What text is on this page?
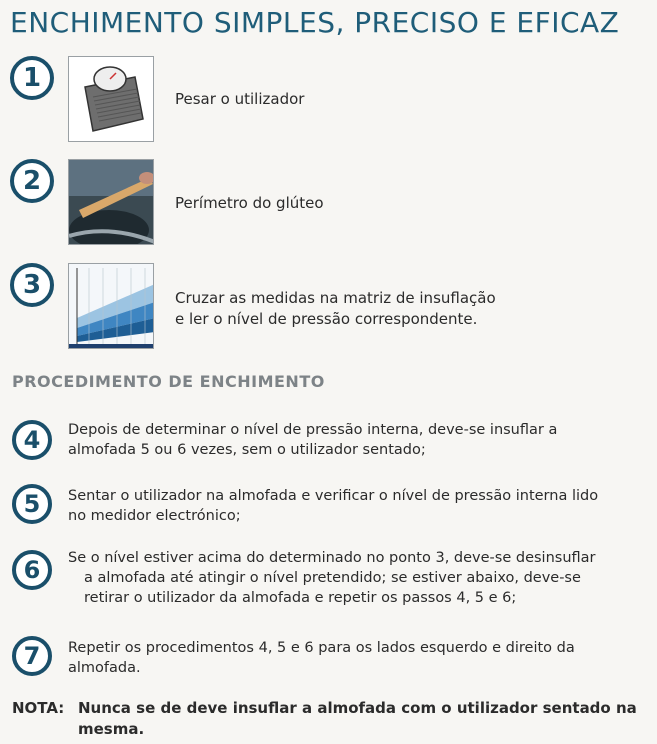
ENCHIMENTO SIMPLES, PRECISO E EFICAZ
1
Pesar o utilizador
2
Perímetro do glúteo
3	Cruzar as medidas na matriz de insuflação
e ler o nível de pressão correspondente.
PROCEDIMENTO DE ENCHIMENTO
4	Depois de determinar o nível de pressão interna, deve-se insuflar a
almofada 5 ou 6 vezes, sem o utilizador sentado;
5	Sentar o utilizador na almofada e verificar o nível de pressão interna lido
no medidor electrónico;
6	Se o nível estiver acima do determinado no ponto 3, deve-se desinsuflar
a almofada até atingir o nível pretendido; se estiver abaixo, deve-se
retirar o utilizador da almofada e repetir os passos 4, 5 e 6;
7	Repetir os procedimentos 4, 5 e 6 para os lados esquerdo e direito da
almofada.
NOTA: Nunca se de deve insuflar a almofada com o utilizador sentado na
mesma.
